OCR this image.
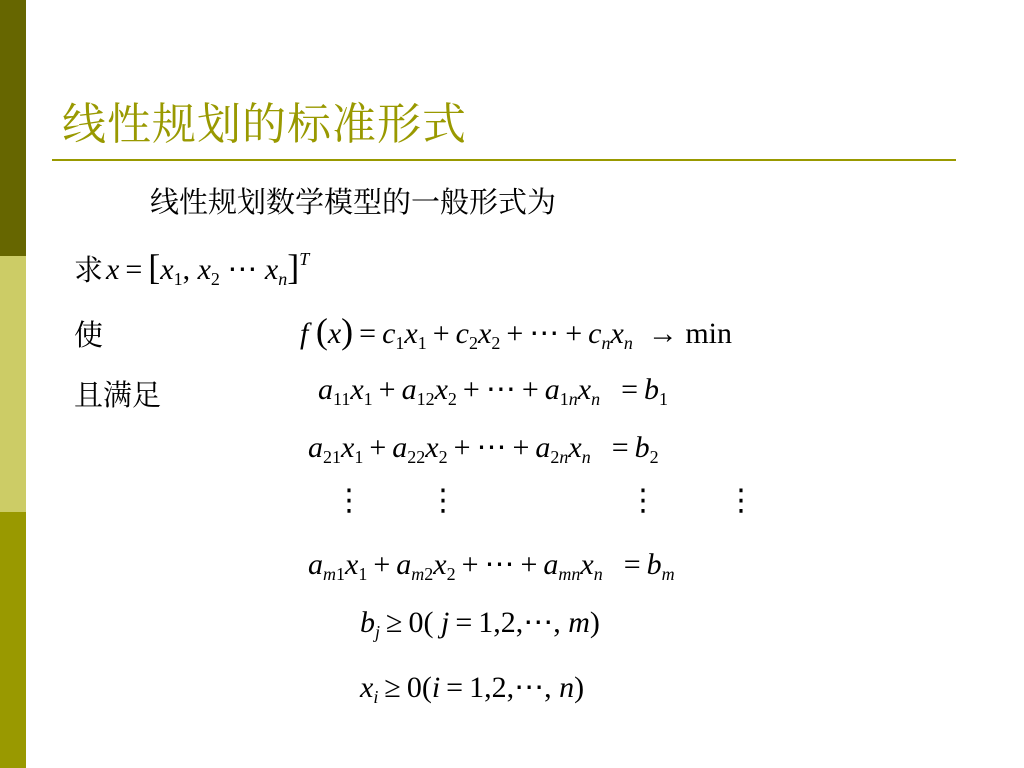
线性规划的标准形式
线性规划数学模型的一般形式为
求 $x = [x_1$, $x_2$ ⋯ $x_n]^T$
使	f $(x) = c_1x_1 + c_2x_2$ + ⋯ + $c_nx_n \to \min$
且满足	$a_{11}x_1 + a_{12}x_2$ + ⋯ + $a_{1n}x_n = b_1$
$a_{21}x_1 + a_{22}x_2$ + ⋯ + $a_{2n}x_n = b_2$
⋮ ⋮	⋮ ⋮
$a_{m1}x_1 + a_{m2}x_2$ + ⋯ + $a_{mn}x_n = b_m$
$b_j \ge 0$( j = 1,2,⋯, m)
$x_i \ge 0(i$ = 1,2,⋯, n)
